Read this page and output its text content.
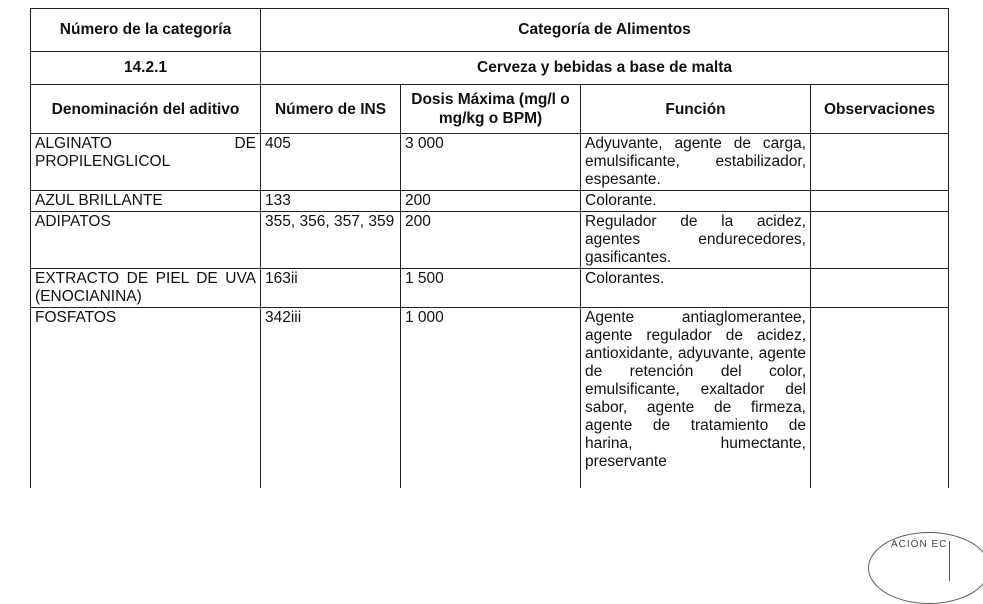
Número de la categoría	Categoría de Alimentos			
14.2.1	Cerveza y bebidas a base de malta			
Denominación del aditivo	Número de INS	Dosis Máxima (mg/l o mg/kg o BPM)	Función	Observaciones
ALGINATO DE PROPILENGLICOL	405	3 000	Adyuvante, agente de carga, emulsificante, estabilizador, espesante.	
AZUL BRILLANTE	133	200	Colorante.	
ADIPATOS	355, 356, 357, 359	200	Regulador de la acidez, agentes endurecedores, gasificantes.	
EXTRACTO DE PIEL DE UVA (ENOCIANINA)	163ii	1 500	Colorantes.	

FOSFATOS	342iii	1 000	Agente antiaglomerantee, agente regulador de acidez, antioxidante, adyuvante, agente de retención del color, emulsificante, exaltador del sabor, agente de firmeza, agente de tratamiento de harina, humectante, preservante	

ACIÓN EC
